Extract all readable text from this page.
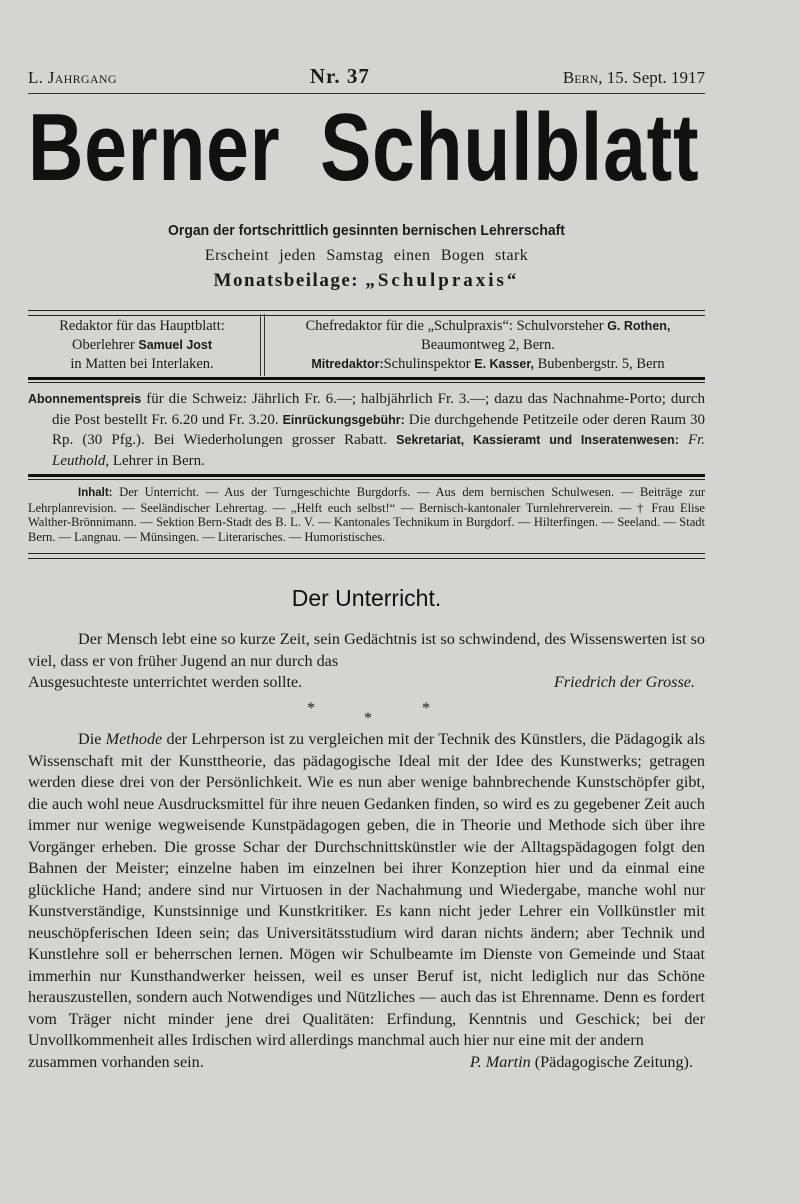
L. Jahrgang	Nr. 37	Bern, 15. Sept. 1917
Berner Schulblatt
Organ der fortschrittlich gesinnten bernischen Lehrerschaft
Erscheint jeden Samstag einen Bogen stark
Monatsbeilage: „Schulpraxis“
Redaktor für das Hauptblatt:
Oberlehrer Samuel Jost
in Matten bei Interlaken.
Chefredaktor für die „Schulpraxis“: Schulvorsteher G. Rothen,
Beaumontweg 2, Bern.
Mitredaktor:Schulinspektor E. Kasser, Bubenbergstr. 5, Bern

Abonnementspreis für die Schweiz: Jährlich Fr. 6.—; halbjährlich Fr. 3.—; dazu das Nachnahme-Porto; durch die Post bestellt Fr. 6.20 und Fr. 3.20. Einrückungsgebühr: Die durchgehende Petitzeile oder deren Raum 30 Rp. (30 Pfg.). Bei Wiederholungen grosser Rabatt. Sekretariat, Kassieramt und Inseratenwesen: Fr. Leuthold, Lehrer in Bern.

Inhalt: Der Unterricht. — Aus der Turngeschichte Burgdorfs. — Aus dem bernischen Schulwesen. — Beiträge zur Lehrplanrevision. — Seeländischer Lehrertag. — „Helft euch selbst!“ — Bernisch-kantonaler Turnlehrerverein. — † Frau Elise Walther-Brönnimann. — Sektion Bern-Stadt des B. L. V. — Kantonales Technikum in Burgdorf. — Hilterfingen. — Seeland. — Stadt Bern. — Langnau. — Münsingen. — Literarisches. — Humoristisches.

Der Unterricht.

Der Mensch lebt eine so kurze Zeit, sein Gedächtnis ist so schwindend, des Wissenswerten ist so viel, dass er von früher Jugend an nur durch das

Ausgesuchteste unterrichtet werden sollte.	Friedrich der Grosse.
*
*
*

Die Methode der Lehrperson ist zu vergleichen mit der Technik des Künstlers, die Pädagogik als Wissenschaft mit der Kunsttheorie, das pädagogische Ideal mit der Idee des Kunstwerks; getragen werden diese drei von der Persönlichkeit. Wie es nun aber wenige bahnbrechende Kunstschöpfer gibt, die auch wohl neue Ausdrucksmittel für ihre neuen Gedanken finden, so wird es zu gegebener Zeit auch immer nur wenige wegweisende Kunstpädagogen geben, die in Theorie und Methode sich über ihre Vorgänger erheben. Die grosse Schar der Durchschnittskünstler wie der Alltagspädagogen folgt den Bahnen der Meister; einzelne haben im einzelnen bei ihrer Konzeption hier und da einmal eine glückliche Hand; andere sind nur Virtuosen in der Nachahmung und Wiedergabe, manche wohl nur Kunstverständige, Kunstsinnige und Kunstkritiker. Es kann nicht jeder Lehrer ein Vollkünstler mit neuschöpferischen Ideen sein; das Universitätsstudium wird daran nichts ändern; aber Technik und Kunstlehre soll er beherrschen lernen. Mögen wir Schulbeamte im Dienste von Gemeinde und Staat immerhin nur Kunsthandwerker heissen, weil es unser Beruf ist, nicht lediglich nur das Schöne herauszustellen, sondern auch Notwendiges und Nützliches — auch das ist Ehrenname. Denn es fordert vom Träger nicht minder jene drei Qualitäten: Erfindung, Kenntnis und Geschick; bei der Unvollkommenheit alles Irdischen wird allerdings manchmal auch hier nur eine mit der andern

zusammen vorhanden sein.	P. Martin (Pädagogische Zeitung).
